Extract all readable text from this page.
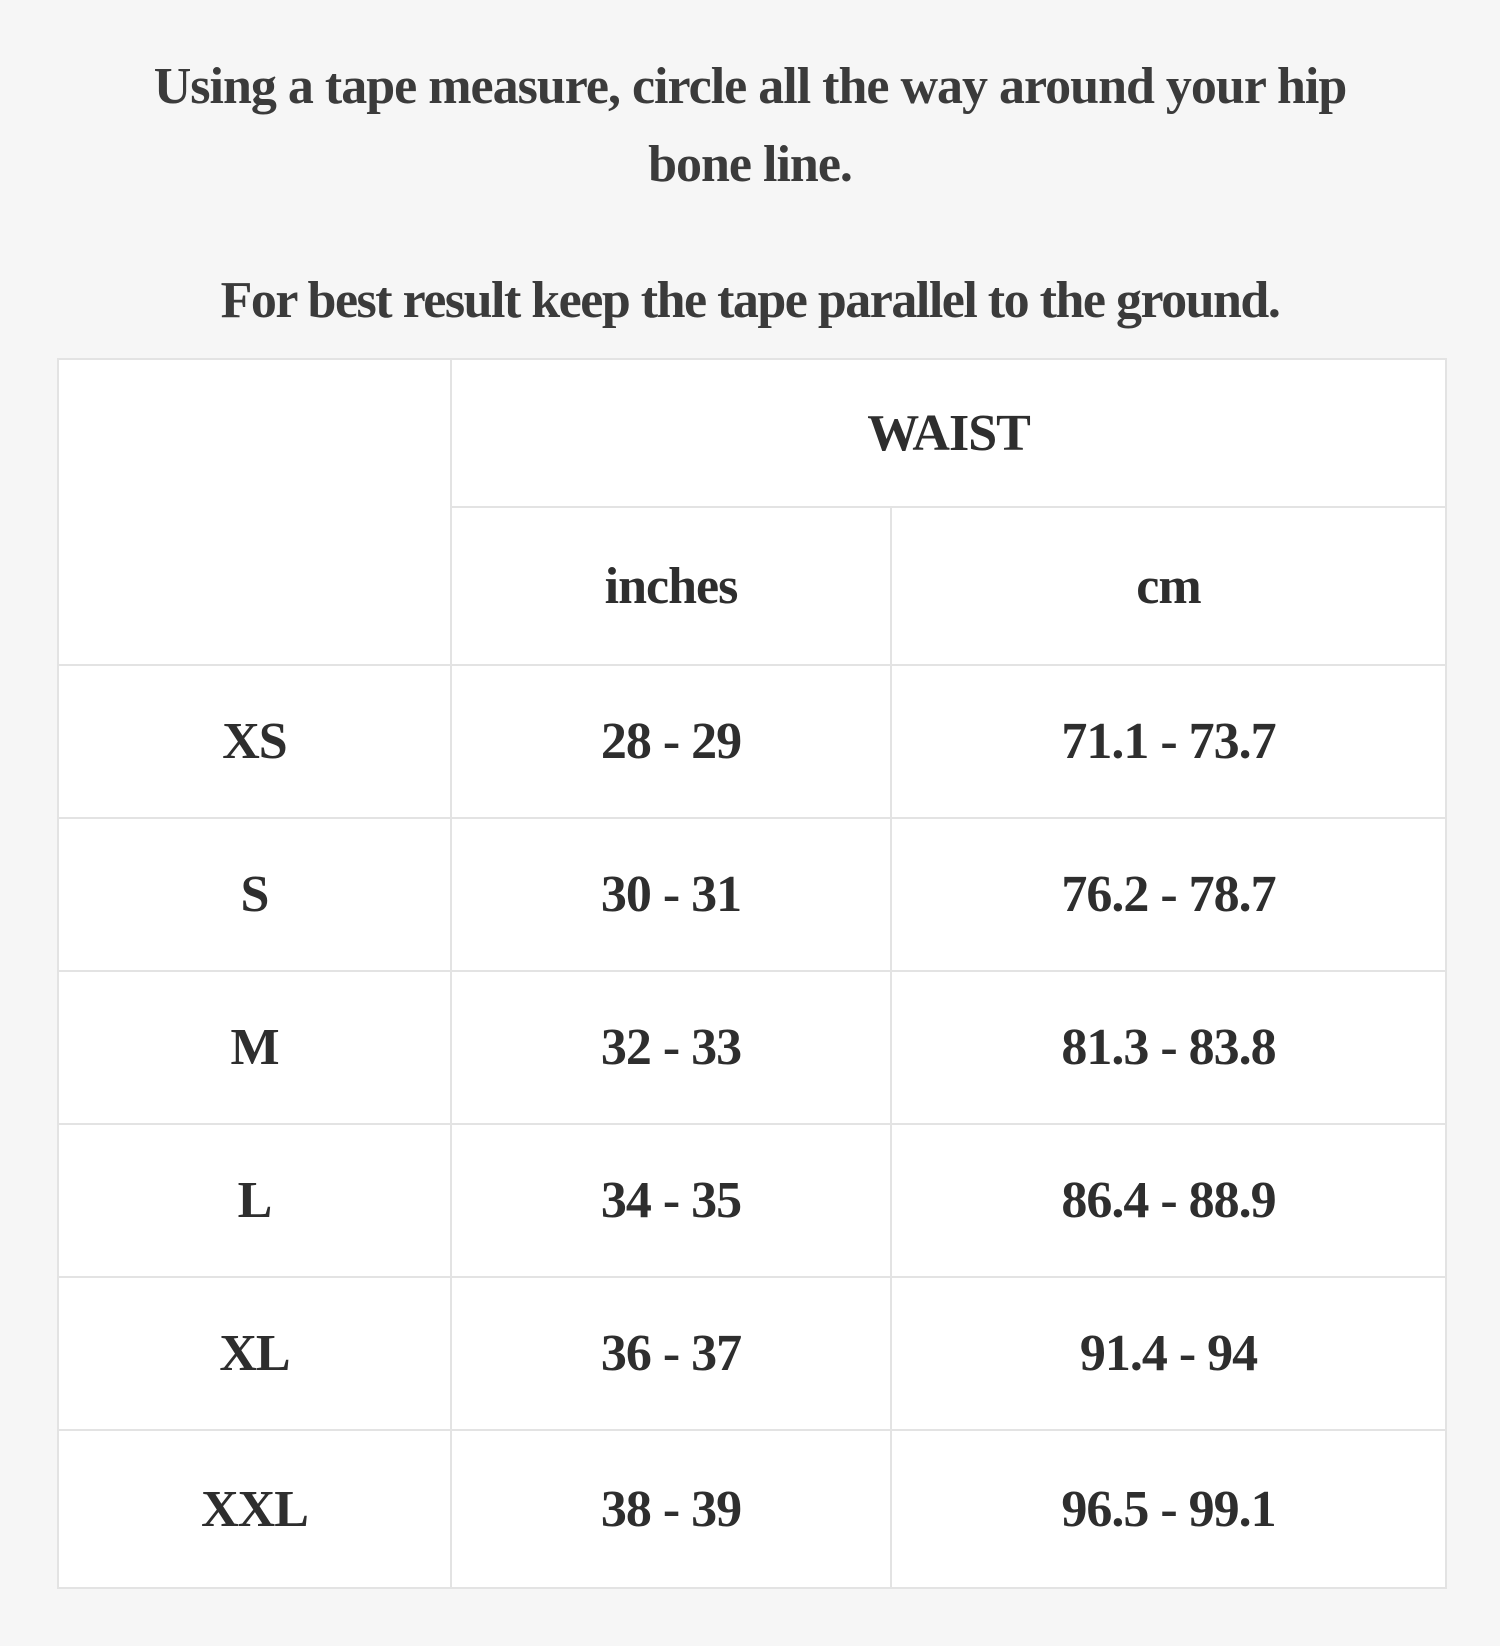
Using a tape measure, circle all the way around your hip
bone line.
For best result keep the tape parallel to the ground.
	WAIST	
	inches	cm
XS	28 - 29	71.1 - 73.7
S	30 - 31	76.2 - 78.7
M	32 - 33	81.3 - 83.8
L	34 - 35	86.4 - 88.9
XL	36 - 37	91.4 - 94
XXL	38 - 39	96.5 - 99.1
